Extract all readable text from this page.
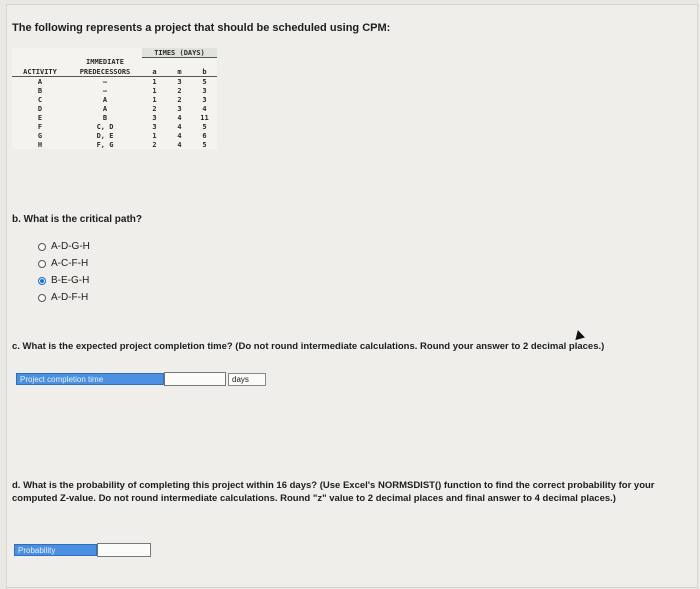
The following represents a project that should be scheduled using CPM:
		TIMES (DAYS)		
	IMMEDIATE			
ACTIVITY	PREDECESSORS	a	m	b
A	—	1	3	5
B	—	1	2	3
C	A	1	2	3
D	A	2	3	4
E	B	3	4	11
F	C, D	3	4	5
G	D, E	1	4	6
H	F, G	2	4	5
b. What is the critical path?
A-D-G-H
A-C-F-H
B-E-G-H
A-D-F-H
c. What is the expected project completion time? (Do not round intermediate calculations. Round your answer to 2 decimal places.)
Project completion time	days
d. What is the probability of completing this project within 16 days? (Use Excel's NORMSDIST() function to find the correct probability for your computed Z-value. Do not round intermediate calculations. Round "z" value to 2 decimal places and final answer to 4 decimal places.)
Probability
